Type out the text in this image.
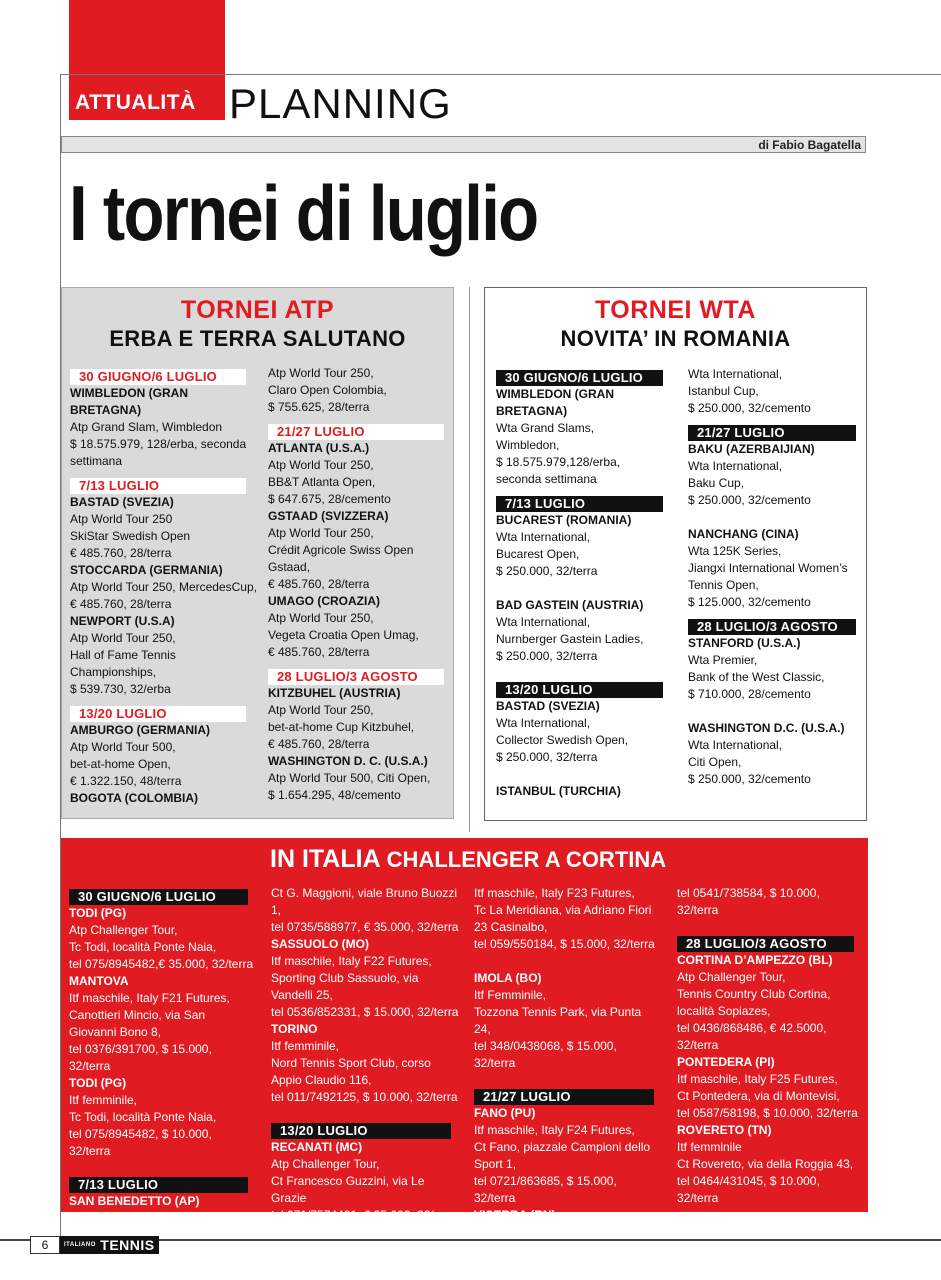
ATTUALITÀ PLANNING
di Fabio Bagatella
I tornei di luglio
TORNEI ATP
ERBA E TERRA SALUTANO
30 GIUGNO/6 LUGLIO

WIMBLEDON (GRAN BRETAGNA)

Atp Grand Slam, Wimbledon

$ 18.575.979, 128/erba, seconda settimana

7/13 LUGLIO

BASTAD (SVEZIA)

Atp World Tour 250

SkiStar Swedish Open

€ 485.760, 28/terra

STOCCARDA (GERMANIA)

Atp World Tour 250, MercedesCup,

€ 485.760, 28/terra

NEWPORT (U.S.A)

Atp World Tour 250,

Hall of Fame Tennis Championships,

$ 539.730, 32/erba

13/20 LUGLIO

AMBURGO (GERMANIA)

Atp World Tour 500,

bet-at-home Open,

€ 1.322.150, 48/terra

BOGOTA (COLOMBIA)

Atp World Tour 250,

Claro Open Colombia,

$ 755.625, 28/terra

21/27 LUGLIO

ATLANTA (U.S.A.)

Atp World Tour 250,

BB&T Atlanta Open,

$ 647.675, 28/cemento

GSTAAD (SVIZZERA)

Atp World Tour 250,

Crédit Agricole Swiss Open Gstaad,

€ 485.760, 28/terra

UMAGO (CROAZIA)

Atp World Tour 250,

Vegeta Croatia Open Umag,

€ 485.760, 28/terra

28 LUGLIO/3 AGOSTO

KITZBUHEL (AUSTRIA)

Atp World Tour 250,

bet-at-home Cup Kitzbuhel,

€ 485.760, 28/terra

WASHINGTON D. C. (U.S.A.)

Atp World Tour 500, Citi Open,

$ 1.654.295, 48/cemento

TORNEI WTA
NOVITA’ IN ROMANIA
30 GIUGNO/6 LUGLIO

WIMBLEDON (GRAN BRETAGNA)

Wta Grand Slams,

Wimbledon,

$ 18.575.979,128/erba, seconda settimana

7/13 LUGLIO

BUCAREST (ROMANIA)

Wta International,

Bucarest Open,

$ 250.000, 32/terra

BAD GASTEIN (AUSTRIA)

Wta International,

Nurnberger Gastein Ladies,

$ 250.000, 32/terra

13/20 LUGLIO

BASTAD (SVEZIA)

Wta International,

Collector Swedish Open,

$ 250.000, 32/terra

ISTANBUL (TURCHIA)

Wta International,

Istanbul Cup,

$ 250.000, 32/cemento

21/27 LUGLIO

BAKU (AZERBAIJIAN)

Wta International,

Baku Cup,

$ 250.000, 32/cemento

NANCHANG (CINA)

Wta 125K Series,

Jiangxi International Women’s Tennis Open,

$ 125.000, 32/cemento

28 LUGLIO/3 AGOSTO

STANFORD (U.S.A.)

Wta Premier,

Bank of the West Classic,

$ 710.000, 28/cemento

WASHINGTON D.C. (U.S.A.)

Wta International,

Citi Open,

$ 250.000, 32/cemento

IN ITALIA CHALLENGER A CORTINA
30 GIUGNO/6 LUGLIO

TODI (PG)

Atp Challenger Tour,

Tc Todi, località Ponte Naia,

tel 075/8945482,€ 35.000, 32/terra

MANTOVA

Itf maschile, Italy F21 Futures,

Canottieri Mincio, via San Giovanni Bono 8,

tel 0376/391700, $ 15.000, 32/terra

TODI (PG)

Itf femminile,

Tc Todi, località Ponte Naia,

tel 075/8945482, $ 10.000, 32/terra

7/13 LUGLIO

SAN BENEDETTO (AP)

Atp Challenger Tour,

Ct G. Maggioni, viale Bruno Buozzi 1,

tel 0735/588977, € 35.000, 32/terra

SASSUOLO (MO)

Itf maschile, Italy F22 Futures,

Sporting Club Sassuolo, via Vandelli 25,

tel 0536/852331, $ 15.000, 32/terra

TORINO

Itf femminile,

Nord Tennis Sport Club, corso Appio Claudio 116,

tel 011/7492125, $ 10.000, 32/terra

13/20 LUGLIO

RECANATI (MC)

Atp Challenger Tour,

Ct Francesco Guzzini, via Le Grazie

tel 071/7574401, € 35.000, 32/ cemento

MODENA

Itf maschile, Italy F23 Futures,

Tc La Meridiana, via Adriano Fiori 23 Casinalbo,

tel 059/550184, $ 15.000, 32/terra

IMOLA (BO)

Itf Femminile,

Tozzona Tennis Park, via Punta 24,

tel 348/0438068, $ 15.000, 32/terra

21/27 LUGLIO

FANO (PU)

Itf maschile, Italy F24 Futures,

Ct Fano, piazzale Campioni dello Sport 1,

tel 0721/863685, $ 15.000, 32/terra

VISERBA (RN)

Itf femminile,

Ct Viserba, via P. Marconi 78 Viserba di Rimini,

tel 0541/738584, $ 10.000, 32/terra

28 LUGLIO/3 AGOSTO

CORTINA D’AMPEZZO (BL)

Atp Challenger Tour,

Tennis Country Club Cortina, località Sopiazes,

tel 0436/868486, € 42.5000, 32/terra

PONTEDERA (PI)

Itf maschile, Italy F25 Futures,

Ct Pontedera, via di Montevisi,

tel 0587/58198, $ 10.000, 32/terra

ROVERETO (TN)

Itf femminile

Ct Rovereto, via della Roggia 43,

tel 0464/431045, $ 10.000, 32/terra

6	$^{ITALIANO}$ TENNIS
